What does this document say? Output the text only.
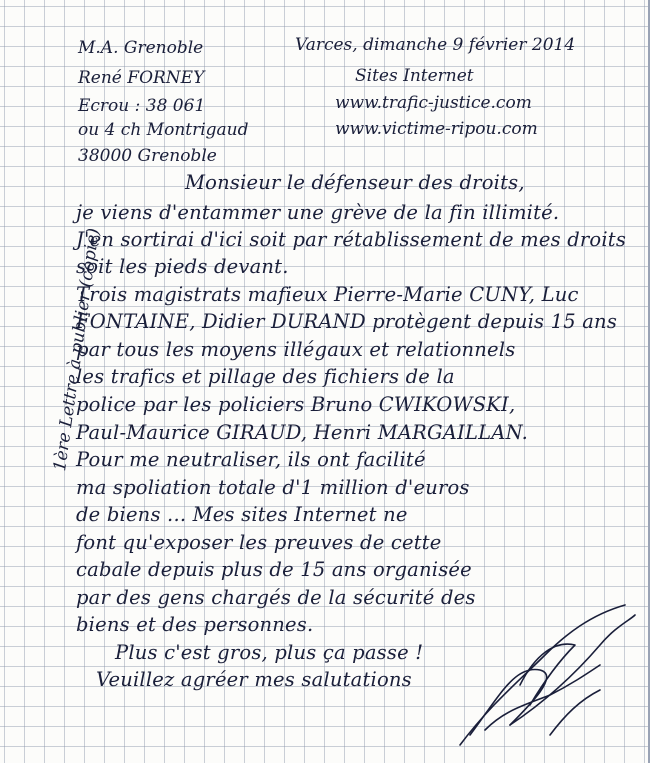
M.A. Grenoble
René FORNEY
Ecrou : 38 061
ou 4 ch Montrigaud
38000 Grenoble
Varces, dimanche 9 février 2014
Sites Internet
www.trafic-justice.com
www.victime-ripou.com
1ère Lettre à publier (copie)
Monsieur le défenseur des droits,
je viens d'entammer une grève de la fin illimité.
J'en sortirai d'ici soit par rétablissement de mes droits
soit les pieds devant.
Trois magistrats mafieux Pierre-Marie CUNY, Luc
FONTAINE, Didier DURAND protègent depuis 15 ans
par tous les moyens illégaux et relationnels
les trafics et pillage des fichiers de la
police par les policiers Bruno CWIKOWSKI,
Paul-Maurice GIRAUD, Henri MARGAILLAN.
Pour me neutraliser, ils ont facilité
ma spoliation totale d'1 million d'euros
de biens ... Mes sites Internet ne
font qu'exposer les preuves de cette
cabale depuis plus de 15 ans organisée
par des gens chargés de la sécurité des
biens et des personnes.
Plus c'est gros, plus ça passe !
Veuillez agréer mes salutations
